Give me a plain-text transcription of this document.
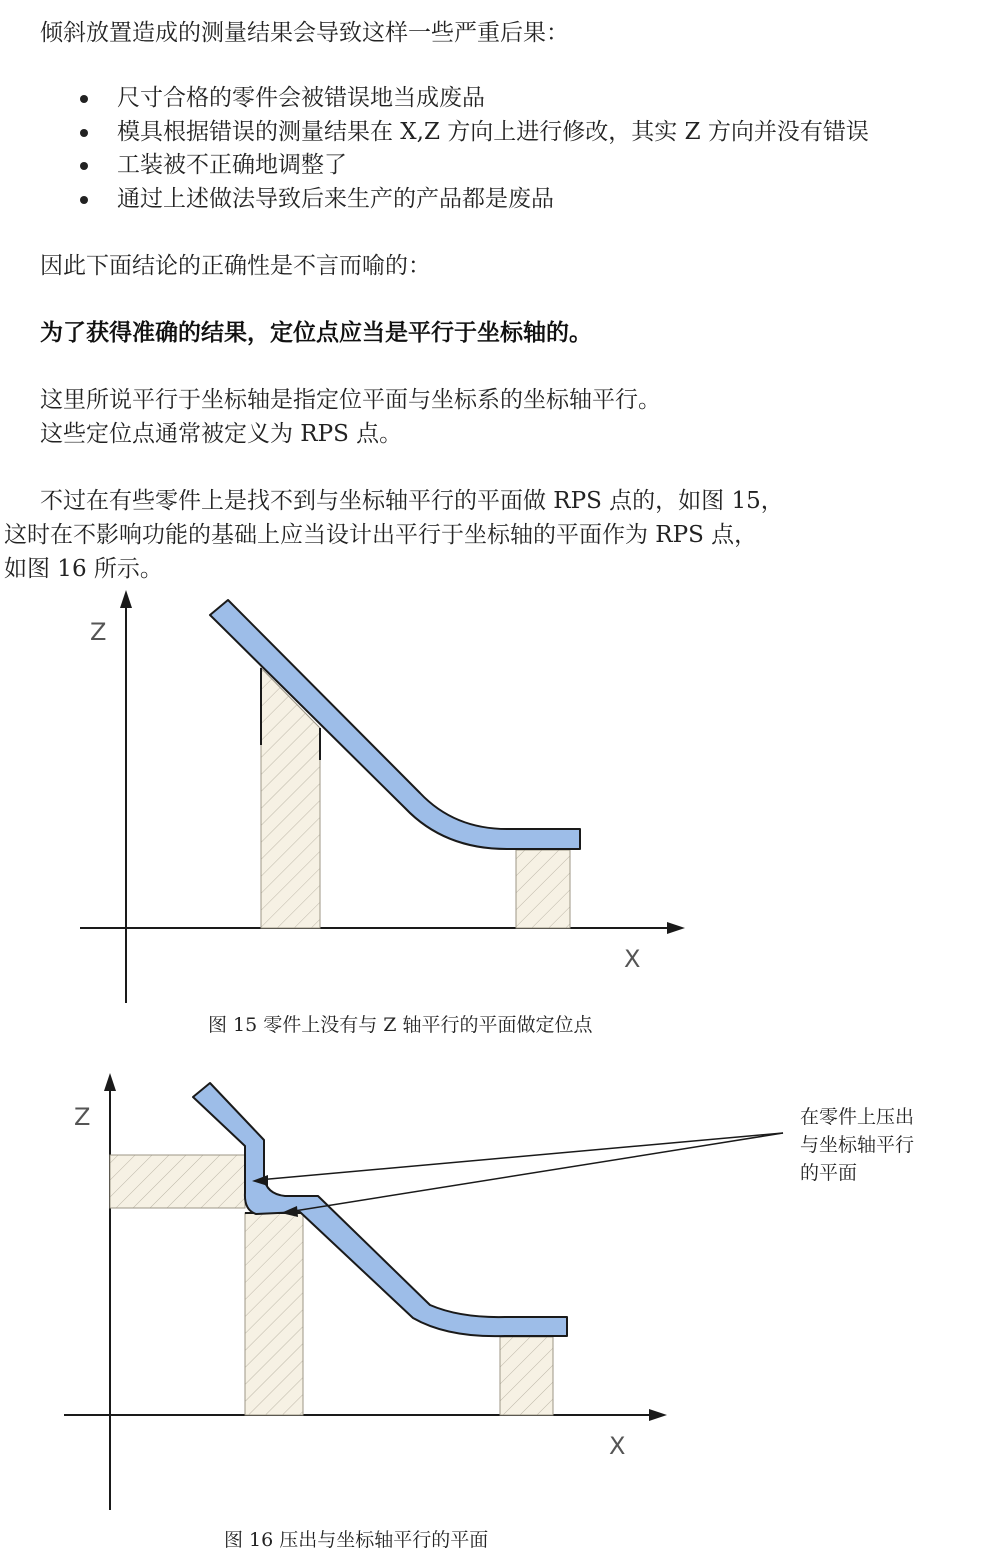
倾斜放置造成的测量结果会导致这样一些严重后果：
尺寸合格的零件会被错误地当成废品
模具根据错误的测量结果在 X,Z 方向上进行修改，其实 Z 方向并没有错误
工装被不正确地调整了
通过上述做法导致后来生产的产品都是废品
因此下面结论的正确性是不言而喻的：
为了获得准确的结果，定位点应当是平行于坐标轴的。
这里所说平行于坐标轴是指定位平面与坐标系的坐标轴平行。
这些定位点通常被定义为 RPS 点。
不过在有些零件上是找不到与坐标轴平行的平面做 RPS 点的，如图 15，
这时在不影响功能的基础上应当设计出平行于坐标轴的平面作为 RPS 点，
如图 16 所示。
Z
X
Z
X
图 15 零件上没有与 Z 轴平行的平面做定位点
在零件上压出
与坐标轴平行
的平面
图 16 压出与坐标轴平行的平面
